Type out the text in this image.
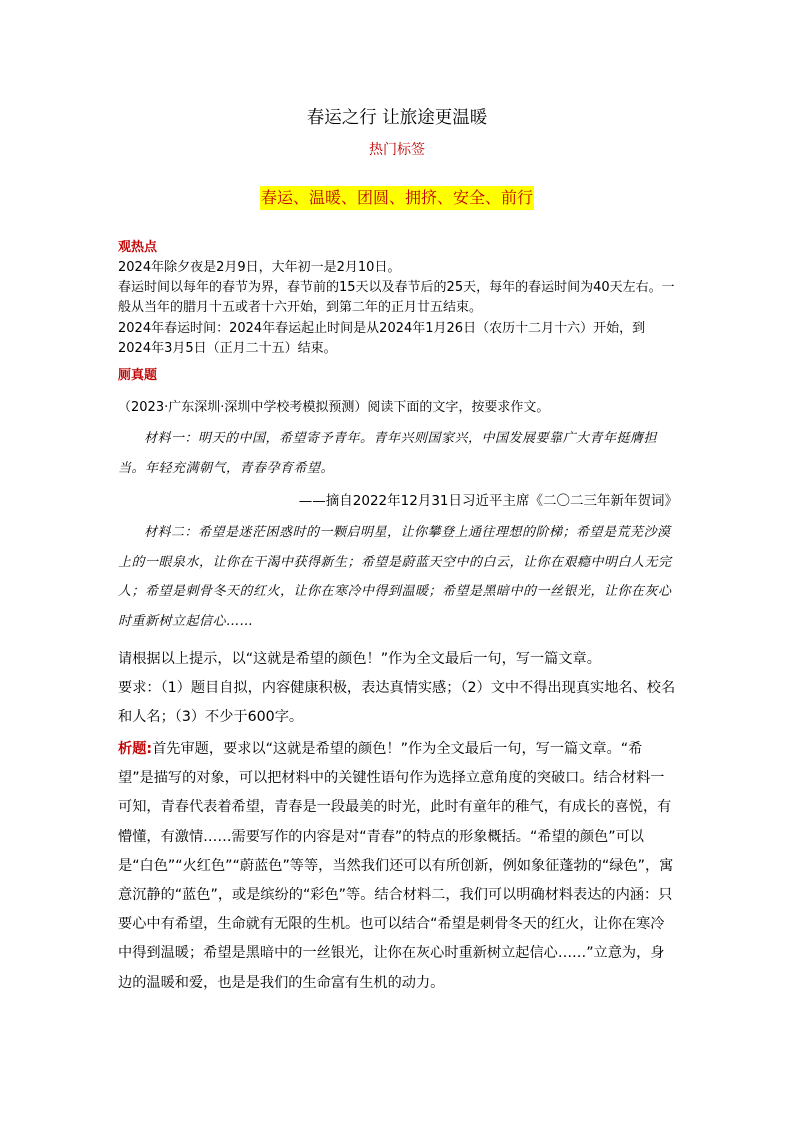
春运之行 让旅途更温暖
热门标签
春运、温暖、团圆、拥挤、安全、前行
观热点

2024年除夕夜是2月9日，大年初一是2月10日。

春运时间以每年的春节为界，春节前的15天以及春节后的25天，每年的春运时间为40天左右。一般从当年的腊月十五或者十六开始，到第二年的正月廿五结束。

2024年春运时间：2024年春运起止时间是从2024年1月26日（农历十二月十六）开始，到2024年3月5日（正月二十五）结束。

厕真题
（2023·广东深圳·深圳中学校考模拟预测）阅读下面的文字，按要求作文。

材料一：明天的中国，希望寄予青年。青年兴则国家兴，中国发展要靠广大青年挺膺担当。年轻充满朝气，青春孕育希望。

——摘自2022年12月31日习近平主席《二〇二三年新年贺词》

材料二：希望是迷茫困惑时的一颗启明星，让你攀登上通往理想的阶梯；希望是荒芜沙漠上的一眼泉水，让你在干渴中获得新生；希望是蔚蓝天空中的白云，让你在艰瘾中明白人无完人；希望是刺骨冬天的红火，让你在寒冷中得到温暖；希望是黑暗中的一丝银光，让你在灰心时重新树立起信心……

请根据以上提示，以“这就是希望的颜色！”作为全文最后一句，写一篇文章。

要求：（1）题目自拟，内容健康积极，表达真情实感；（2）文中不得出现真实地名、校名和人名；（3）不少于600字。

析题:首先审题，要求以“这就是希望的颜色！”作为全文最后一句，写一篇文章。“希望”是描写的对象，可以把材料中的关键性语句作为选择立意角度的突破口。结合材料一可知，青春代表着希望，青春是一段最美的时光，此时有童年的稚气，有成长的喜悦，有懵懂，有激情……需要写作的内容是对“青春”的特点的形象概括。“希望的颜色”可以是“白色”“火红色”“蔚蓝色”等等，当然我们还可以有所创新，例如象征蓬勃的“绿色”，寓意沉静的“蓝色”，或是缤纷的“彩色”等。结合材料二，我们可以明确材料表达的内涵：只要心中有希望，生命就有无限的生机。也可以结合“希望是刺骨冬天的红火，让你在寒冷中得到温暖；希望是黑暗中的一丝银光，让你在灰心时重新树立起信心……”立意为，身边的温暖和爱，也是是我们的生命富有生机的动力。
